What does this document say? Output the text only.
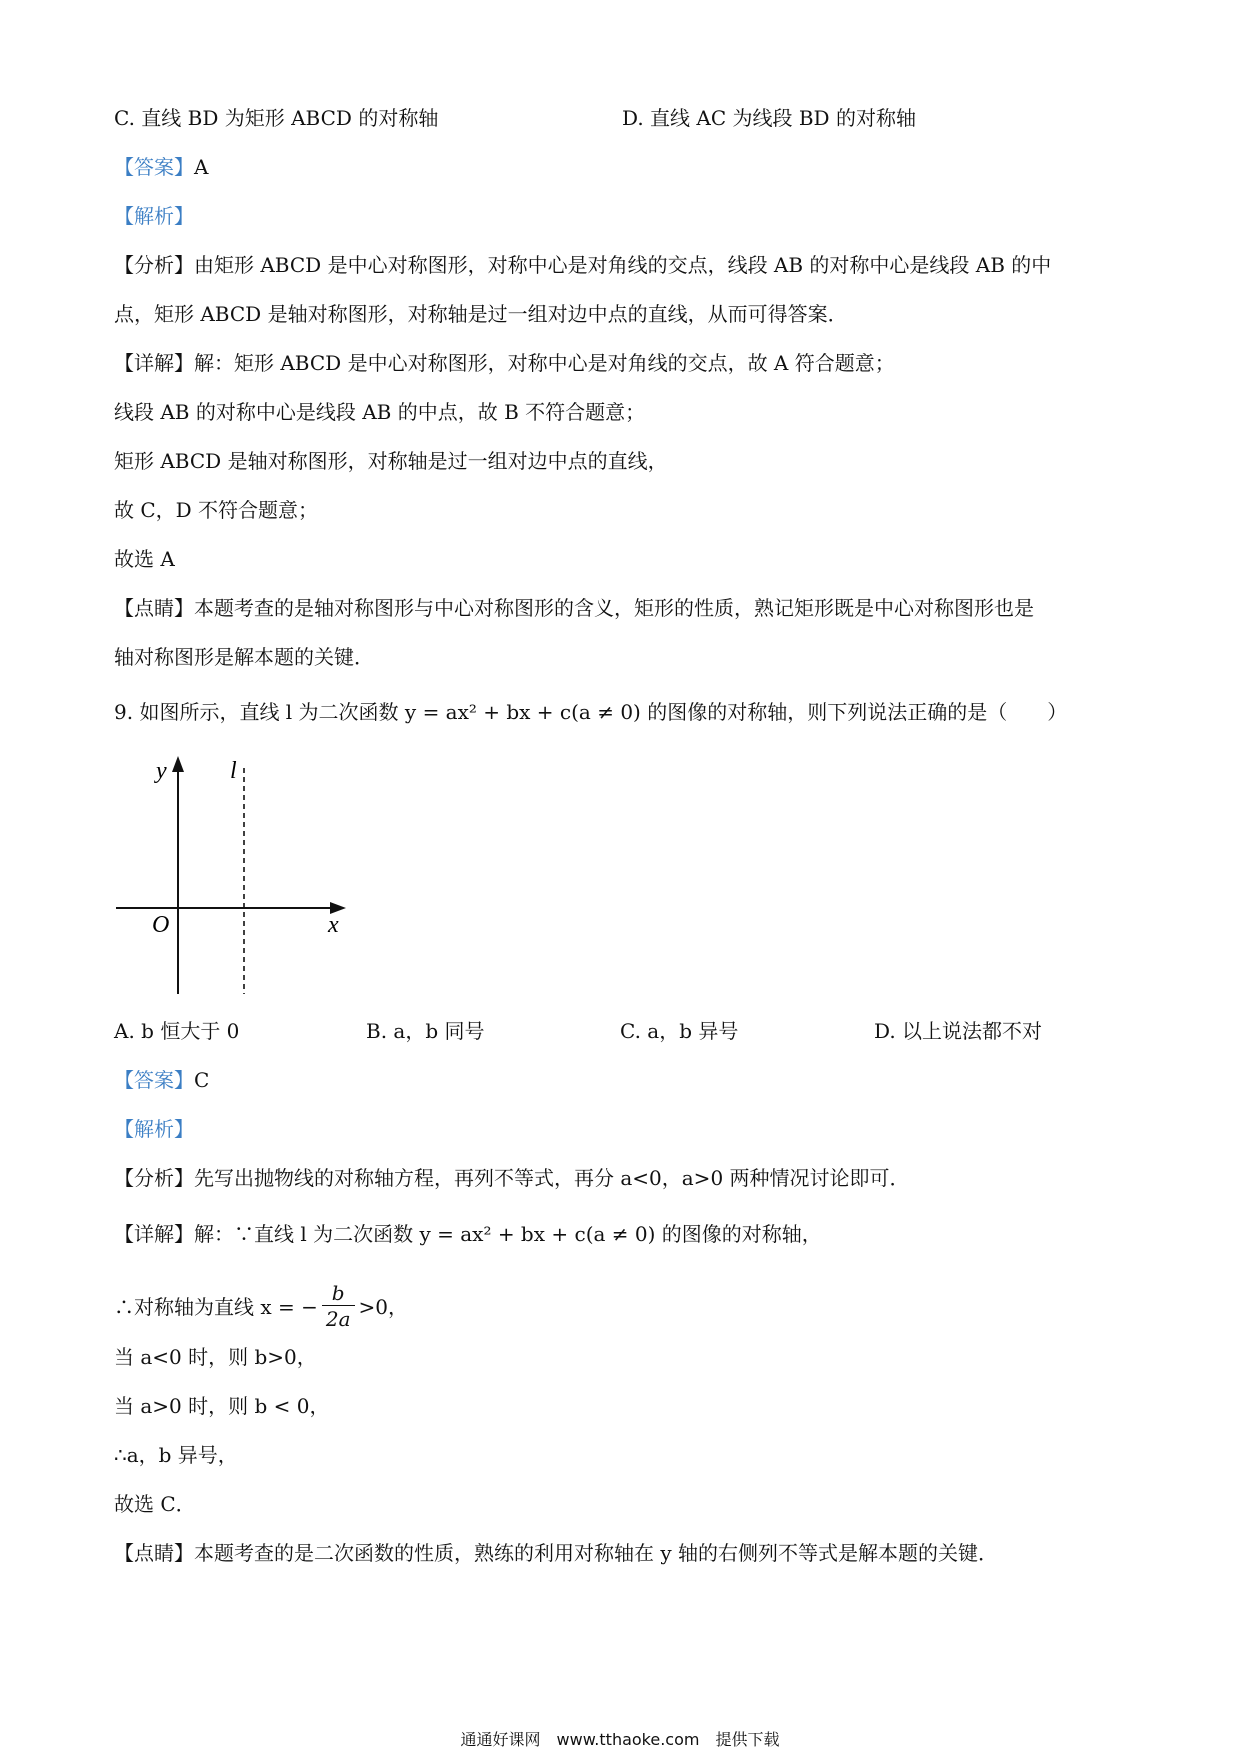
C. 直线 BD 为矩形 ABCD 的对称轴	D. 直线 AC 为线段 BD 的对称轴
【答案】A
【解析】
【分析】由矩形 ABCD 是中心对称图形，对称中心是对角线的交点，线段 AB 的对称中心是线段 AB 的中
点，矩形 ABCD 是轴对称图形，对称轴是过一组对边中点的直线，从而可得答案．
【详解】解：矩形 ABCD 是中心对称图形，对称中心是对角线的交点，故 A 符合题意；
线段 AB 的对称中心是线段 AB 的中点，故 B 不符合题意；
矩形 ABCD 是轴对称图形，对称轴是过一组对边中点的直线，
故 C，D 不符合题意；
故选 A
【点睛】本题考查的是轴对称图形与中心对称图形的含义，矩形的性质，熟记矩形既是中心对称图形也是
轴对称图形是解本题的关键．
9. 如图所示，直线 l 为二次函数 y = ax² + bx + c(a ≠ 0) 的图像的对称轴，则下列说法正确的是（　　）
y	l
O	x
A. b 恒大于 0	B. a，b 同号	C. a，b 异号	D. 以上说法都不对
【答案】C
【解析】
【分析】先写出抛物线的对称轴方程，再列不等式，再分 a<0，a>0 两种情况讨论即可．
【详解】解：∵直线 l 为二次函数 y = ax² + bx + c(a ≠ 0) 的图像的对称轴，
∴对称轴为直线 x = − $\frac{b}{2a} >0$，
当 a<0 时，则 b>0，
当 a>0 时，则 b < 0，
∴a，b 异号，
故选 C．
【点睛】本题考查的是二次函数的性质，熟练的利用对称轴在 y 轴的右侧列不等式是解本题的关键．
通通好课网　www.tthaoke.com　提供下载
